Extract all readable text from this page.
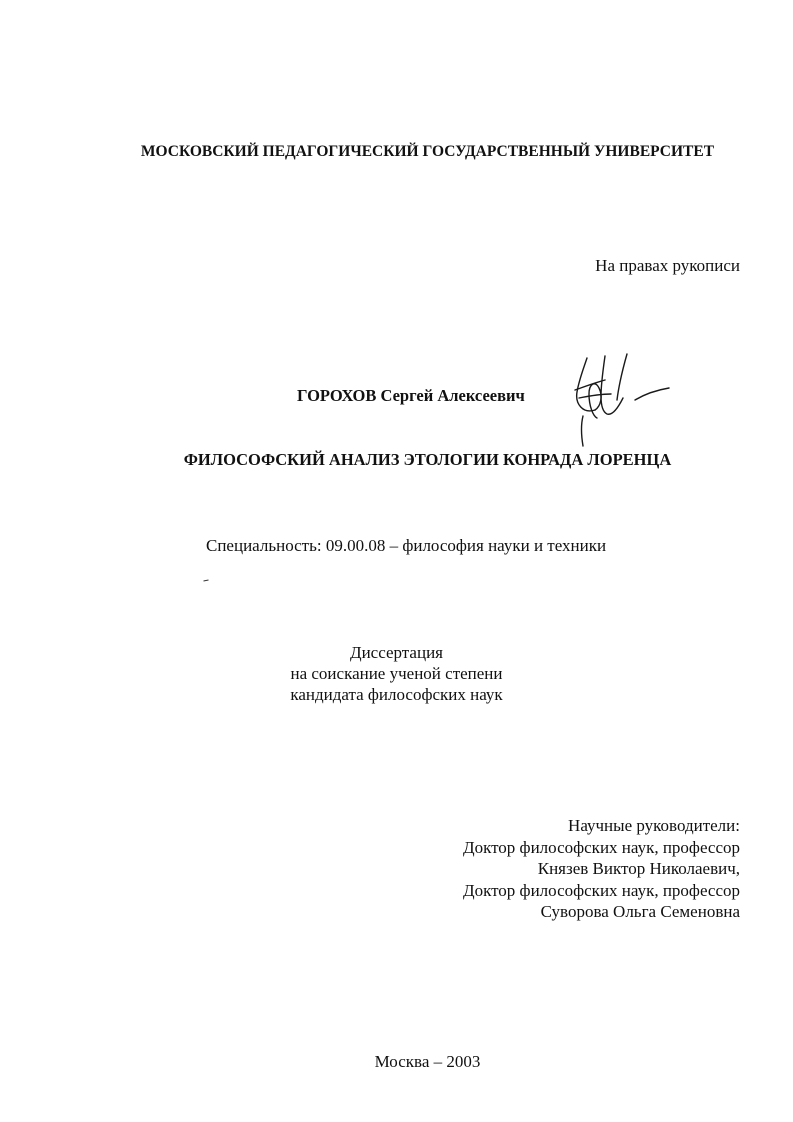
МОСКОВСКИЙ ПЕДАГОГИЧЕСКИЙ ГОСУДАРСТВЕННЫЙ УНИВЕРСИТЕТ
На правах рукописи
ГОРОХОВ Сергей Алексеевич
ФИЛОСОФСКИЙ АНАЛИЗ ЭТОЛОГИИ КОНРАДА ЛОРЕНЦА
Специальность: 09.00.08 – философия науки и техники
Диссертация
на соискание ученой степени
кандидата философских наук
Научные руководители:
Доктор философских наук, профессор
Князев Виктор Николаевич,
Доктор философских наук, профессор
Суворова Ольга Семеновна
Москва – 2003
